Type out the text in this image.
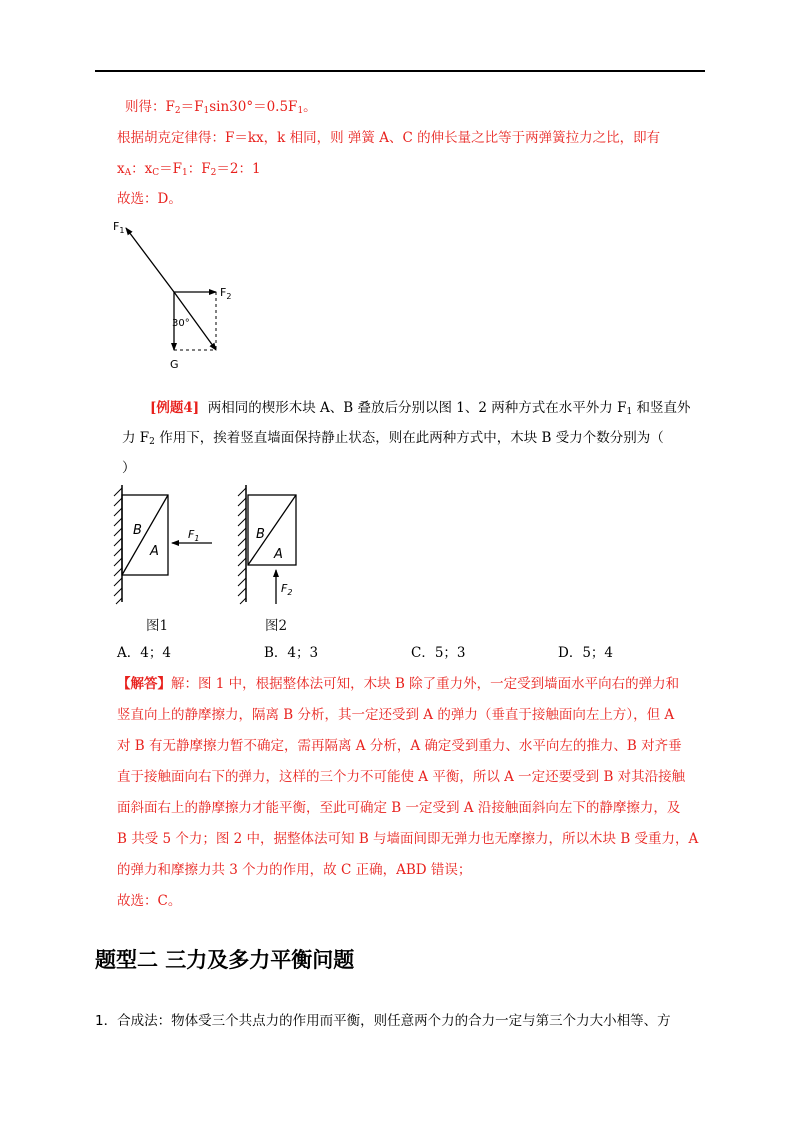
则得：$F_2=F_1\sin 30^\circ=0.5F_1$。
根据胡克定律得：F＝kx，k 相同，则 弹簧 A、C 的伸长量之比等于两弹簧拉力之比，即有
$x_A$：$x_C=F_1$：$F_2=2$：1
故选：D。
$F_1$
$F_2$
30°
G
[例题4] 两相同的楔形木块 A、B 叠放后分别以图 1、2 两种方式在水平外力 $F_1$ 和竖直外
力 $F_2$ 作用下，挨着竖直墙面保持静止状态，则在此两种方式中，木块 B 受力个数分别为（
）
B
A
$F_1$
图1
B
A
$F_2$
图2
A．4；4	B．4；3	C．5；3	D．5；4
【解答】解：图 1 中，根据整体法可知，木块 B 除了重力外，一定受到墙面水平向右的弹力和
竖直向上的静摩擦力，隔离 B 分析，其一定还受到 A 的弹力（垂直于接触面向左上方），但 A
对 B 有无静摩擦力暂不确定，需再隔离 A 分析，A 确定受到重力、水平向左的推力、B 对齐垂
直于接触面向右下的弹力，这样的三个力不可能使 A 平衡，所以 A 一定还要受到 B 对其沿接触
面斜面右上的静摩擦力才能平衡，至此可确定 B 一定受到 A 沿接触面斜向左下的静摩擦力，及
B 共受 5 个力；图 2 中，据整体法可知 B 与墙面间即无弹力也无摩擦力，所以木块 B 受重力，A
的弹力和摩擦力共 3 个力的作用，故 C 正确，ABD 错误；
故选：C。
题型二 三力及多力平衡问题
1．合成法：物体受三个共点力的作用而平衡，则任意两个力的合力一定与第三个力大小相等、方
